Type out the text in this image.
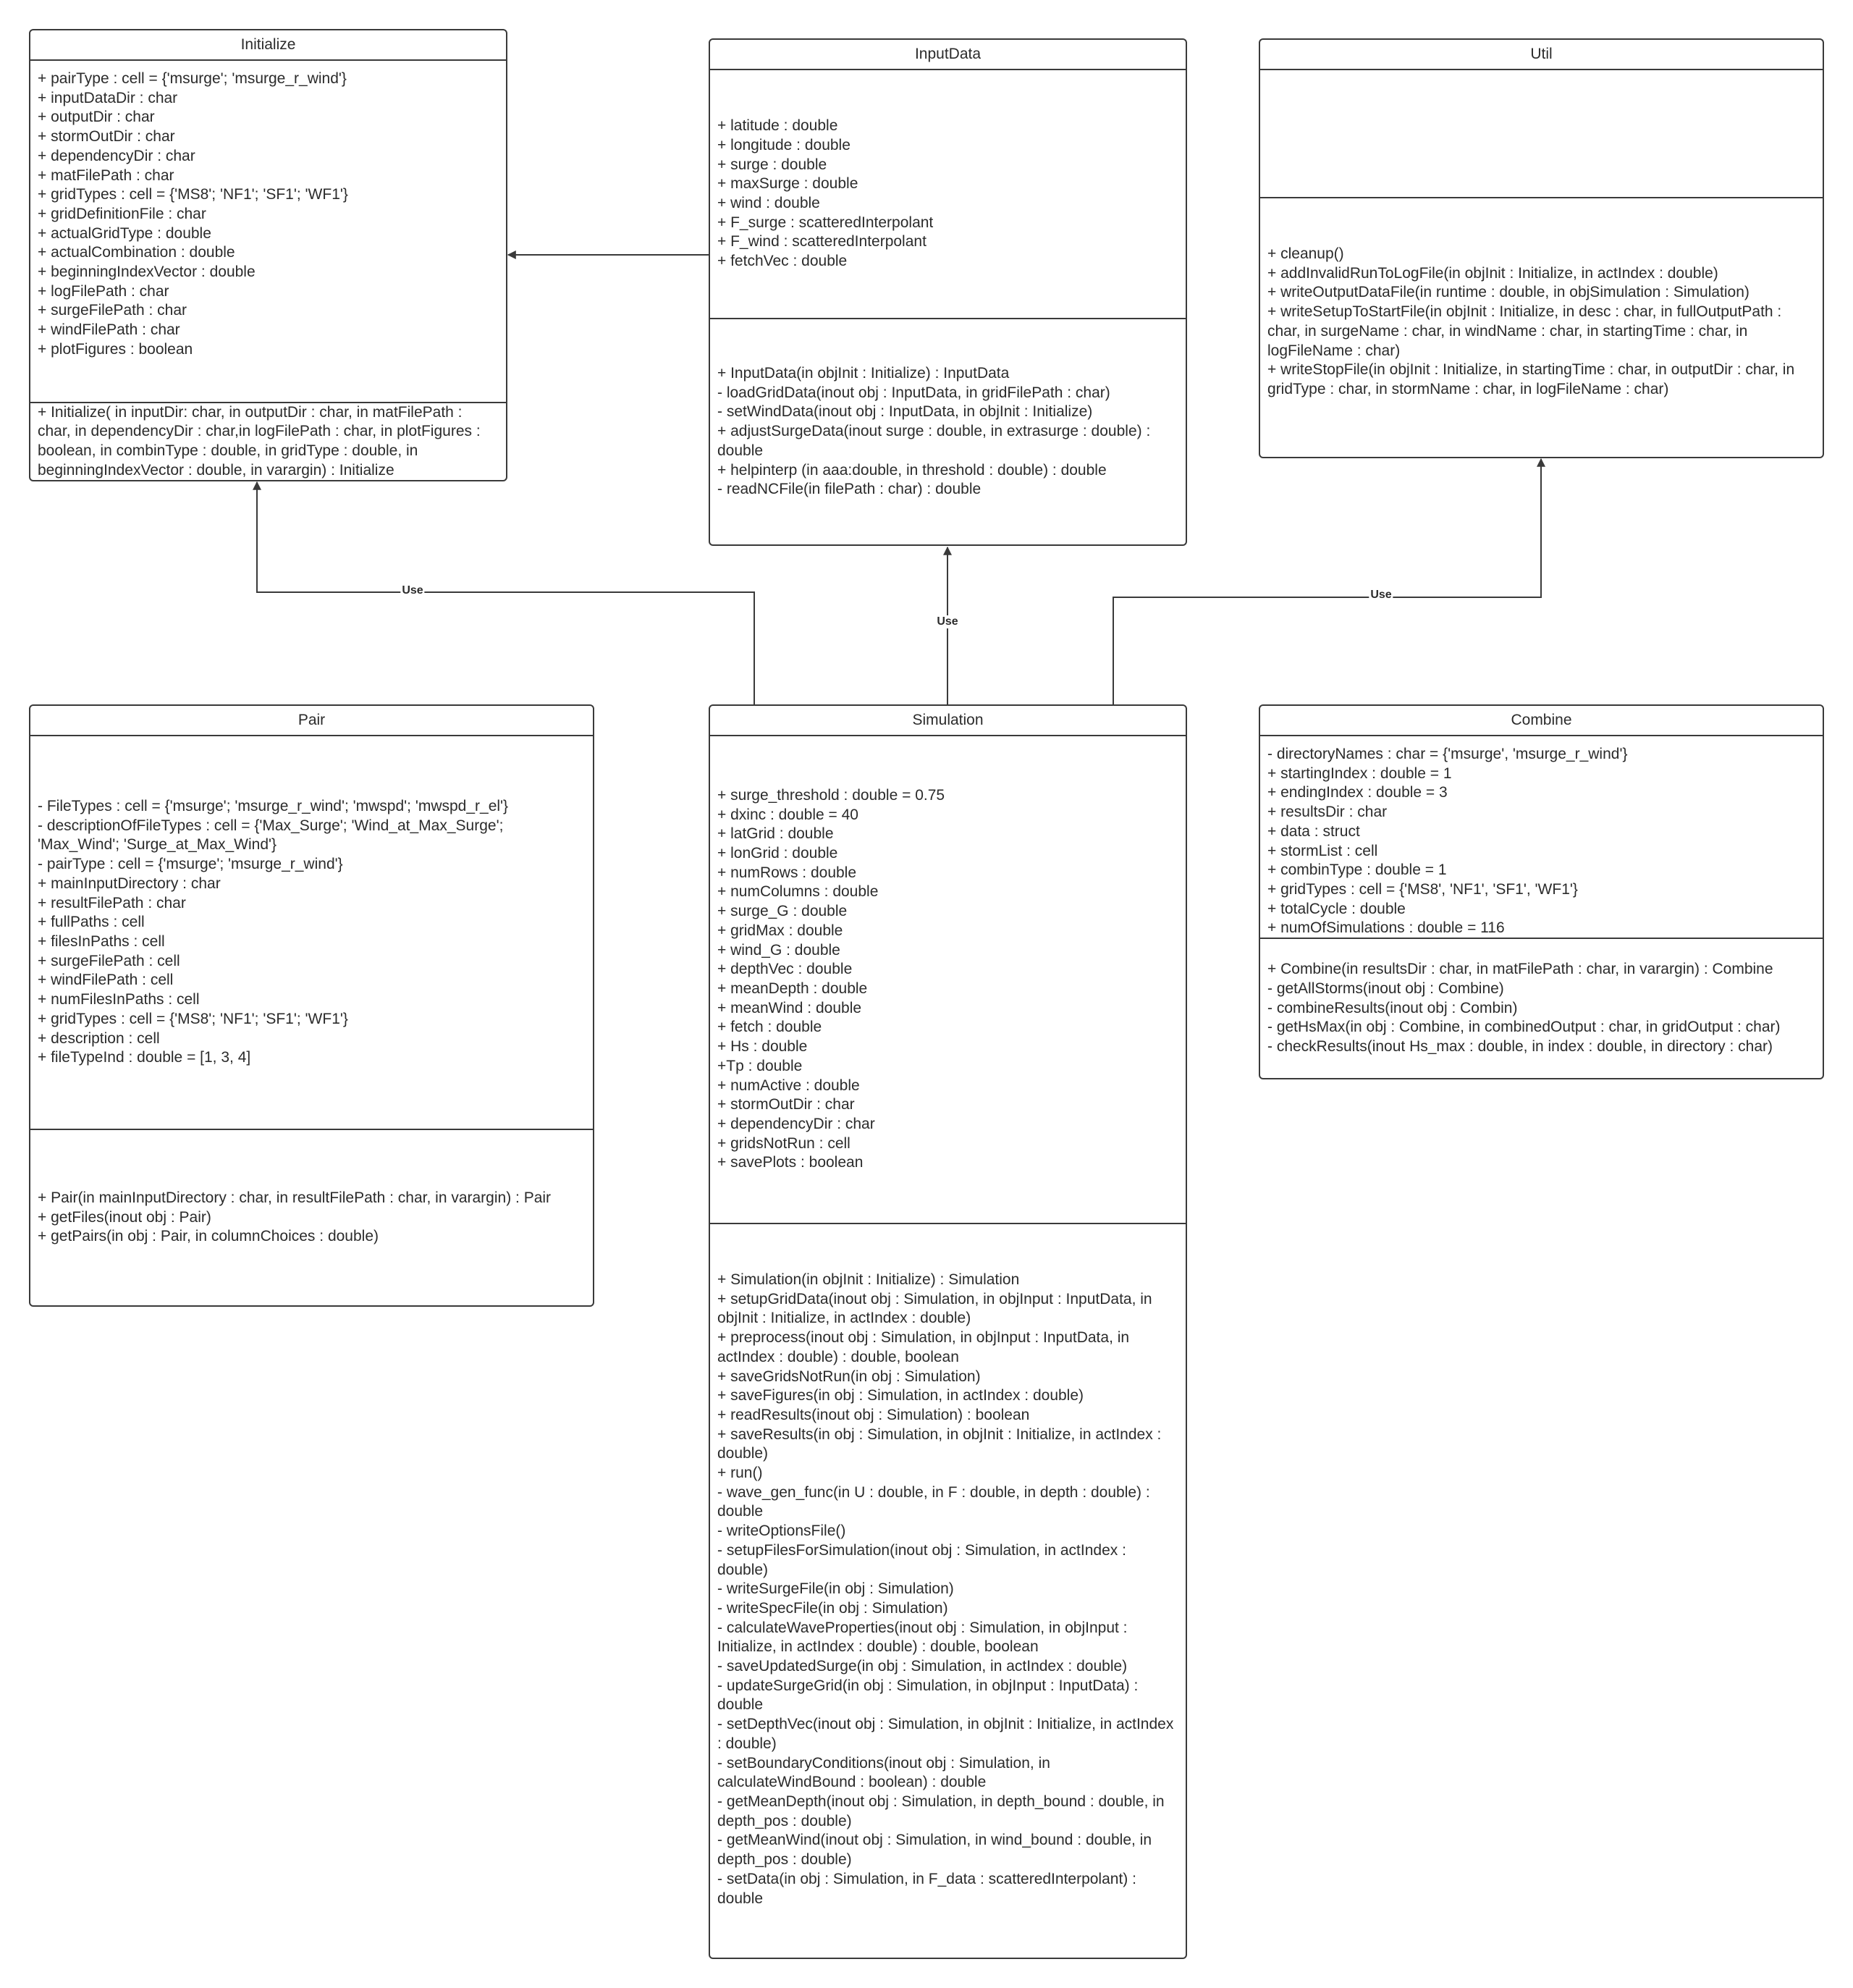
Use
Use
Use
Initialize
+ pairType : cell = {'msurge'; 'msurge_r_wind'}
+ inputDataDir : char
+ outputDir : char
+ stormOutDir : char
+ dependencyDir : char
+ matFilePath : char
+ gridTypes : cell = {'MS8'; 'NF1'; 'SF1'; 'WF1'}
+ gridDefinitionFile : char
+ actualGridType : double
+ actualCombination : double
+ beginningIndexVector : double
+ logFilePath : char
+ surgeFilePath : char
+ windFilePath : char
+ plotFigures : boolean
+ Initialize( in inputDir: char, in outputDir : char, in matFilePath : char, in dependencyDir : char,in logFilePath : char, in plotFigures : boolean, in combinType : double, in gridType : double, in beginningIndexVector : double, in varargin) : Initialize
InputData
+ latitude : double
+ longitude : double
+ surge : double
+ maxSurge : double
+ wind : double
+ F_surge : scatteredInterpolant
+ F_wind : scatteredInterpolant
+ fetchVec : double
+ InputData(in objInit : Initialize) : InputData
- loadGridData(inout obj : InputData, in gridFilePath : char)
- setWindData(inout obj : InputData, in objInit : Initialize)
+ adjustSurgeData(inout surge : double, in extrasurge : double) : double
+ helpinterp (in aaa:double, in threshold : double) : double
- readNCFile(in filePath : char) : double
Util
+ cleanup()
+ addInvalidRunToLogFile(in objInit : Initialize, in actIndex : double)
+ writeOutputDataFile(in runtime : double, in objSimulation : Simulation)
+ writeSetupToStartFile(in objInit : Initialize, in desc : char, in fullOutputPath : char, in surgeName : char, in windName : char, in startingTime : char, in logFileName : char)
+ writeStopFile(in objInit : Initialize, in startingTime : char, in outputDir : char, in gridType : char, in stormName : char, in logFileName : char)
Pair
- FileTypes : cell = {'msurge'; 'msurge_r_wind'; 'mwspd'; 'mwspd_r_el'}
- descriptionOfFileTypes : cell = {'Max_Surge'; 'Wind_at_Max_Surge'; 'Max_Wind'; 'Surge_at_Max_Wind'}
- pairType : cell = {'msurge'; 'msurge_r_wind'}
+ mainInputDirectory : char
+ resultFilePath : char
+ fullPaths : cell
+ filesInPaths : cell
+ surgeFilePath : cell
+ windFilePath : cell
+ numFilesInPaths : cell
+ gridTypes : cell = {'MS8'; 'NF1'; 'SF1'; 'WF1'}
+ description : cell
+ fileTypeInd : double = [1, 3, 4]
+ Pair(in mainInputDirectory : char, in resultFilePath : char, in varargin) : Pair
+ getFiles(inout obj : Pair)
+ getPairs(in obj : Pair, in columnChoices : double)
Simulation
+ surge_threshold : double = 0.75
+ dxinc : double = 40
+ latGrid : double
+ lonGrid : double
+ numRows : double
+ numColumns : double
+ surge_G : double
+ gridMax : double
+ wind_G : double
+ depthVec : double
+ meanDepth : double
+ meanWind : double
+ fetch : double
+ Hs : double
+Tp : double
+ numActive : double
+ stormOutDir : char
+ dependencyDir : char
+ gridsNotRun : cell
+ savePlots : boolean
+ Simulation(in objInit : Initialize) : Simulation
+ setupGridData(inout obj : Simulation, in objInput : InputData, in objInit : Initialize, in actIndex : double)
+ preprocess(inout obj : Simulation, in objInput : InputData, in actIndex : double) : double, boolean
+ saveGridsNotRun(in obj : Simulation)
+ saveFigures(in obj : Simulation, in actIndex : double)
+ readResults(inout obj : Simulation) : boolean
+ saveResults(in obj : Simulation, in objInit : Initialize, in actIndex : double)
+ run()
- wave_gen_func(in U : double, in F : double, in depth : double) : double
- writeOptionsFile()
- setupFilesForSimulation(inout obj : Simulation, in actIndex : double)
- writeSurgeFile(in obj : Simulation)
- writeSpecFile(in obj : Simulation)
- calculateWaveProperties(inout obj : Simulation, in objInput : Initialize, in actIndex : double) : double, boolean
- saveUpdatedSurge(in obj : Simulation, in actIndex : double)
- updateSurgeGrid(in obj : Simulation, in objInput : InputData) : double
- setDepthVec(inout obj : Simulation, in objInit : Initialize, in actIndex : double)
- setBoundaryConditions(inout obj : Simulation, in calculateWindBound : boolean) : double
- getMeanDepth(inout obj : Simulation, in depth_bound : double, in depth_pos : double)
- getMeanWind(inout obj : Simulation, in wind_bound : double, in depth_pos : double)
- setData(in obj : Simulation, in F_data : scatteredInterpolant) : double
Combine
- directoryNames : char = {'msurge', 'msurge_r_wind'}
+ startingIndex : double = 1
+ endingIndex : double = 3
+ resultsDir : char
+ data : struct
+ stormList : cell
+ combinType : double = 1
+ gridTypes : cell = {'MS8', 'NF1', 'SF1', 'WF1'}
+ totalCycle : double
+ numOfSimulations : double = 116
+ Combine(in resultsDir : char, in matFilePath : char, in varargin) : Combine
- getAllStorms(inout obj : Combine)
- combineResults(inout obj : Combin)
- getHsMax(in obj : Combine, in combinedOutput : char, in gridOutput : char)
- checkResults(inout Hs_max : double, in index : double, in directory : char)
